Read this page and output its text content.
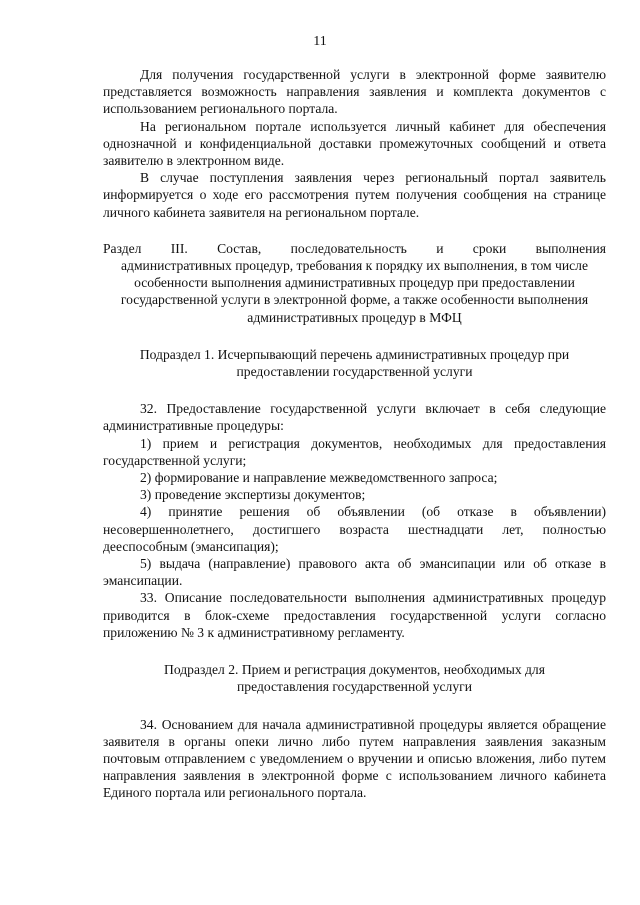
11

Для получения государственной услуги в электронной форме заявителю представляется возможность направления заявления и комплекта документов с использованием регионального портала.

На региональном портале используется личный кабинет для обеспечения однозначной и конфиденциальной доставки промежуточных сообщений и ответа заявителю в электронном виде.

В случае поступления заявления через региональный портал заявитель информируется о ходе его рассмотрения путем получения сообщения на странице личного кабинета заявителя на региональном портале.

Раздел III. Состав, последовательность и сроки выполнения
административных процедур, требования к порядку их выполнения, в том числе особенности выполнения административных процедур при предоставлении государственной услуги в электронной форме, а также особенности выполнения административных процедур в МФЦ

Подраздел 1. Исчерпывающий перечень административных процедур при предоставлении государственной услуги

32. Предоставление государственной услуги включает в себя следующие административные процедуры:

1) прием и регистрация документов, необходимых для предоставления государственной услуги;

2) формирование и направление межведомственного запроса;

3) проведение экспертизы документов;

4) принятие решения об объявлении (об отказе в объявлении) несовершеннолетнего, достигшего возраста шестнадцати лет, полностью дееспособным (эмансипация);

5) выдача (направление) правового акта об эмансипации или об отказе в эмансипации.

33. Описание последовательности выполнения административных процедур приводится в блок-схеме предоставления государственной услуги согласно приложению № 3 к административному регламенту.

Подраздел 2. Прием и регистрация документов, необходимых для предоставления государственной услуги

34. Основанием для начала административной процедуры является обращение заявителя в органы опеки лично либо путем направления заявления заказным почтовым отправлением с уведомлением о вручении и описью вложения, либо путем направления заявления в электронной форме с использованием личного кабинета Единого портала или регионального портала.
